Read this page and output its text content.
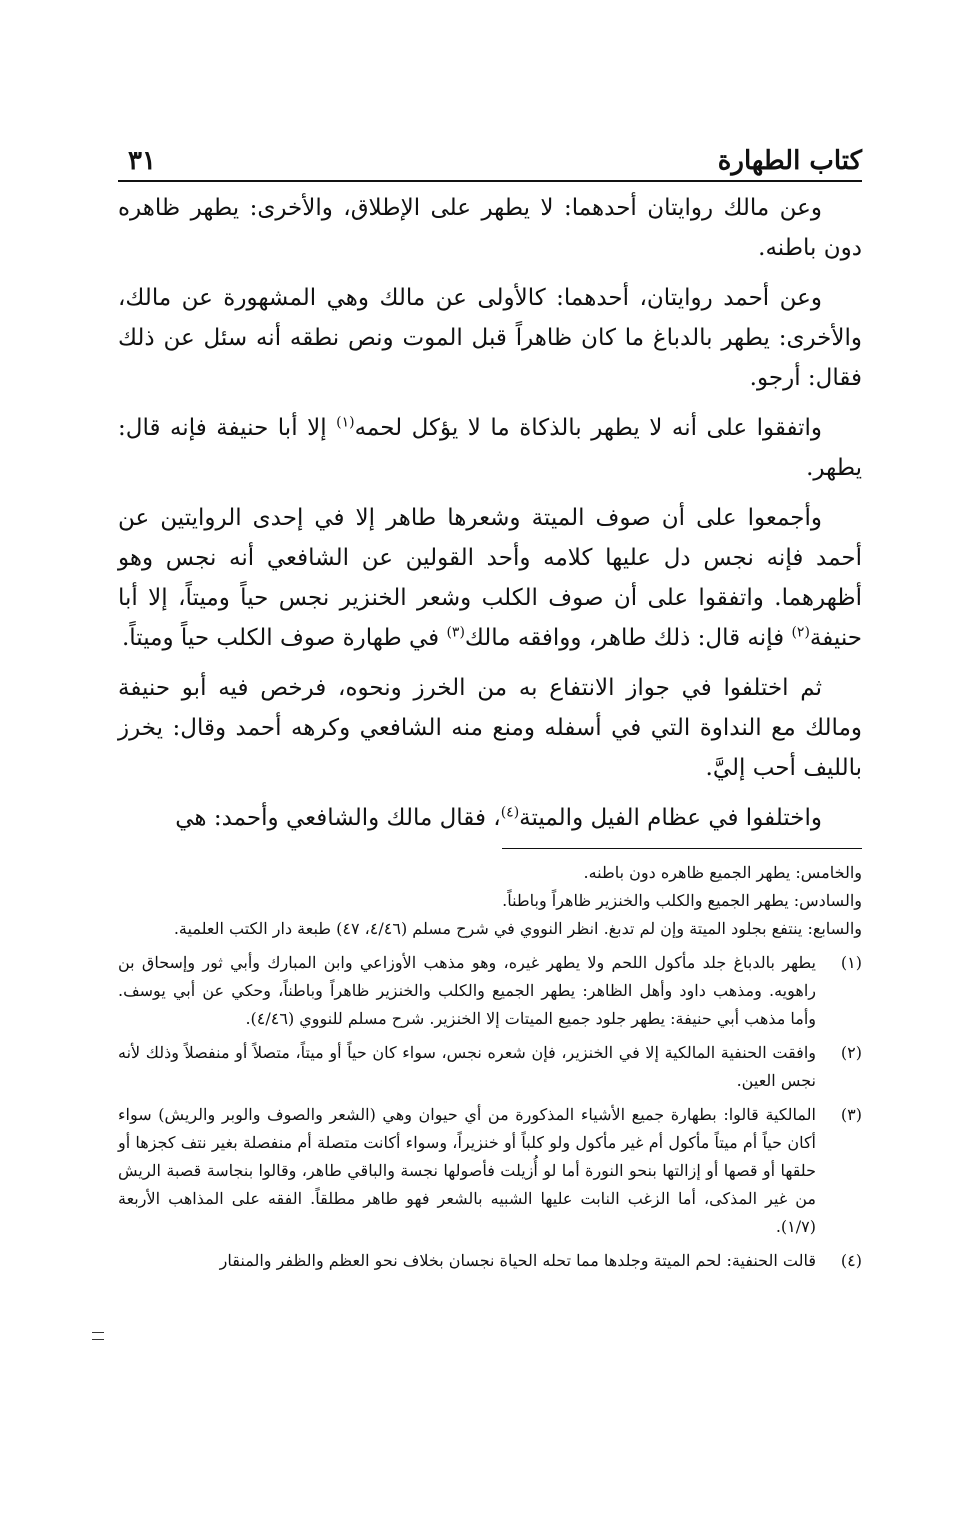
كتاب الطهارة
٣١

وعن مالك روايتان أحدهما: لا يطهر على الإطلاق، والأخرى: يطهر ظاهره دون باطنه.

وعن أحمد روايتان، أحدهما: كالأولى عن مالك وهي المشهورة عن مالك، والأخرى: يطهر بالدباغ ما كان ظاهراً قبل الموت ونص نطقه أنه سئل عن ذلك فقال: أرجو.

واتفقوا على أنه لا يطهر بالذكاة ما لا يؤكل لحمه$^{(١)}$ إلا أبا حنيفة فإنه قال: يطهر.

وأجمعوا على أن صوف الميتة وشعرها طاهر إلا في إحدى الروايتين عن أحمد فإنه نجس دل عليها كلامه وأحد القولين عن الشافعي أنه نجس وهو أظهرهما. واتفقوا على أن صوف الكلب وشعر الخنزير نجس حياً وميتاً، إلا أبا حنيفة$^{(٢)}$ فإنه قال: ذلك طاهر، ووافقه مالك$^{(٣)}$ في طهارة صوف الكلب حياً وميتاً.

ثم اختلفوا في جواز الانتفاع به من الخرز ونحوه، فرخص فيه أبو حنيفة ومالك مع النداوة التي في أسفله ومنع منه الشافعي وكرهه أحمد وقال: يخرز بالليف أحب إليَّ.

واختلفوا في عظام الفيل والميتة$^{(٤)}$، فقال مالك والشافعي وأحمد: هي

والخامس: يطهر الجميع ظاهره دون باطنه.

والسادس: يطهر الجميع والكلب والخنزير ظاهراً وباطناً.

والسابع: ينتفع بجلود الميتة وإن لم تدبغ. انظر النووي في شرح مسلم (٤/٤٦، ٤٧) طبعة دار الكتب العلمية.

(١)
يطهر بالدباغ جلد مأكول اللحم ولا يطهر غيره، وهو مذهب الأوزاعي وابن المبارك وأبي ثور وإسحاق بن راهويه. ومذهب داود وأهل الظاهر: يطهر الجميع والكلب والخنزير ظاهراً وباطناً، وحكي عن أبي يوسف. وأما مذهب أبي حنيفة: يطهر جلود جميع الميتات إلا الخنزير. شرح مسلم للنووي (٤/٤٦).
(٢)
وافقت الحنفية المالكية إلا في الخنزير، فإن شعره نجس، سواء كان حياً أو ميتاً، متصلاً أو منفصلاً وذلك لأنه نجس العين.
(٣)
المالكية قالوا: بطهارة جميع الأشياء المذكورة من أي حيوان وهي (الشعر والصوف والوبر والريش) سواء أكان حياً أم ميتاً مأكول أم غير مأكول ولو كلباً أو خنزيراً، وسواء أكانت متصلة أم منفصلة بغير نتف كجزها أو حلقها أو قصها أو إزالتها بنحو النورة أما لو أُزيلت فأصولها نجسة والباقي طاهر، وقالوا بنجاسة قصبة الريش من غير المذكى، أما الزغب النابت عليها الشبيه بالشعر فهو طاهر مطلقاً. الفقه على المذاهب الأربعة (١/٧).
(٤)
قالت الحنفية: لحم الميتة وجلدها مما تحله الحياة نجسان بخلاف نحو العظم والظفر والمنقار
